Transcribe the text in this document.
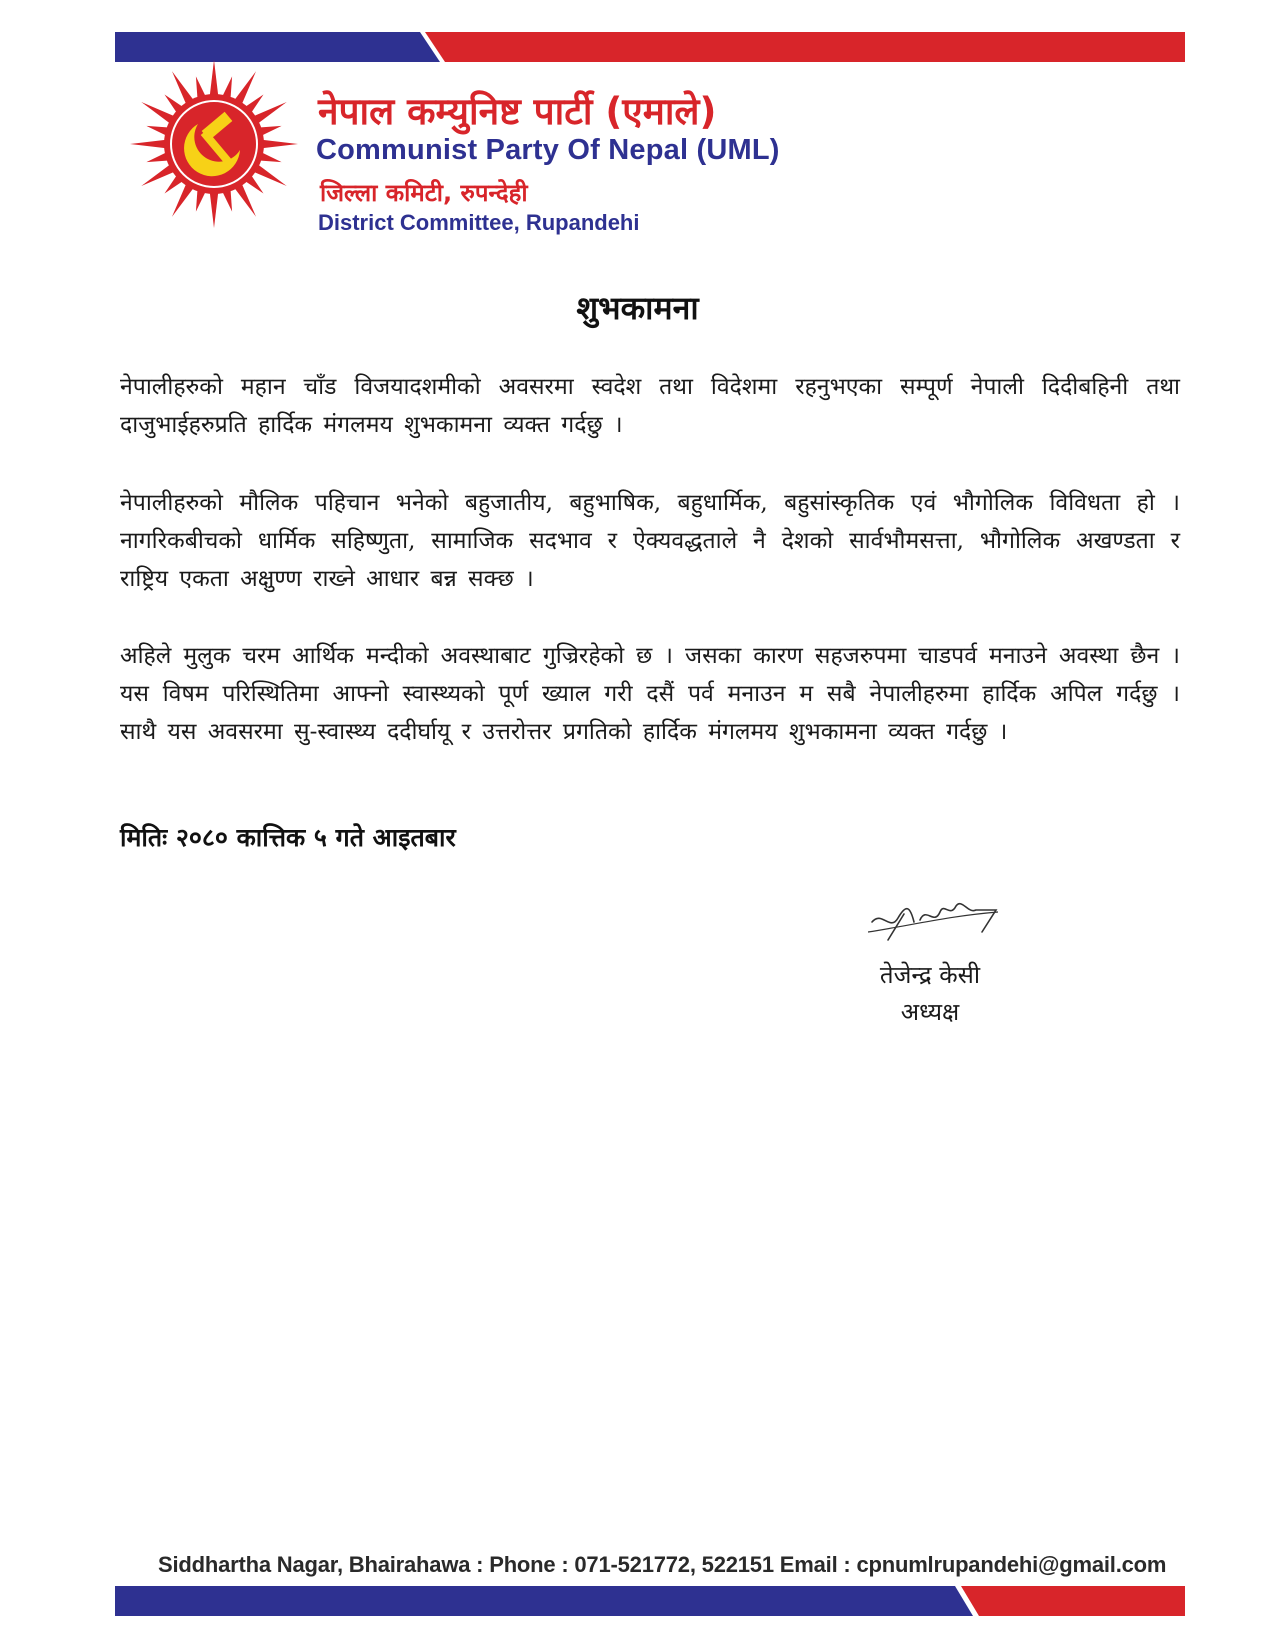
नेपाल कम्युनिष्ट पार्टी (एमाले)
Communist Party Of Nepal (UML)
जिल्ला कमिटी, रुपन्देही
District Committee, Rupandehi
शुभकामना
नेपालीहरुको महान चाँड विजयादशमीको अवसरमा स्वदेश तथा विदेशमा रहनुभएका सम्पूर्ण नेपाली दिदीबहिनी तथा दाजुभाईहरुप्रति हार्दिक मंगलमय शुभकामना व्यक्त गर्दछु ।
नेपालीहरुको मौलिक पहिचान भनेको बहुजातीय, बहुभाषिक, बहुधार्मिक, बहुसांस्कृतिक एवं भौगोलिक विविधता हो । नागरिकबीचको धार्मिक सहिष्णुता, सामाजिक सदभाव र ऐक्यवद्धताले नै देशको सार्वभौमसत्ता, भौगोलिक अखण्डता र राष्ट्रिय एकता अक्षुण्ण राख्ने आधार बन्न सक्छ ।
अहिले मुलुक चरम आर्थिक मन्दीको अवस्थाबाट गुज्रिरहेको छ । जसका कारण सहजरुपमा चाडपर्व मनाउने अवस्था छैन । यस विषम परिस्थितिमा आफ्नो स्वास्थ्यको पूर्ण ख्याल गरी दसैं पर्व मनाउन म सबै नेपालीहरुमा हार्दिक अपिल गर्दछु । साथै यस अवसरमा सु-स्वास्थ्य ददीर्घायू र उत्तरोत्तर प्रगतिको हार्दिक मंगलमय शुभकामना व्यक्त गर्दछु ।
मितिः २०८० कात्तिक ५ गते आइतबार
तेजेन्द्र केसी
अध्यक्ष
Siddhartha Nagar, Bhairahawa : Phone : 071-521772, 522151 Email : cpnumlrupandehi@gmail.com
